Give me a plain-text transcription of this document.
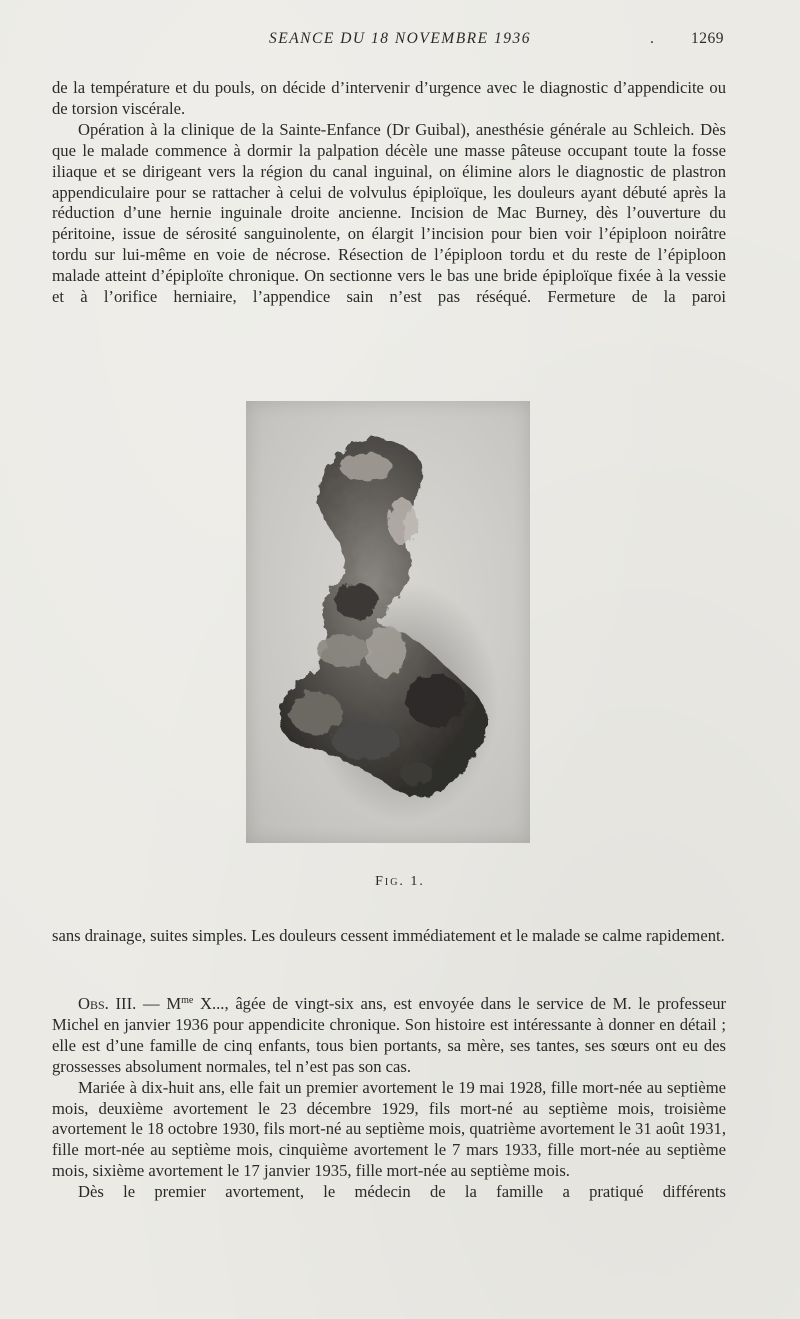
SEANCE DU 18 NOVEMBRE 1936	. 1269

de la température et du pouls, on décide d’intervenir d’urgence avec le diagnostic d’appendicite ou de torsion viscérale.

Opération à la clinique de la Sainte-Enfance (Dr Guibal), anesthésie générale au Schleich. Dès que le malade commence à dormir la palpation décèle une masse pâteuse occupant toute la fosse iliaque et se dirigeant vers la région du canal inguinal, on élimine alors le diagnostic de plastron appendiculaire pour se rattacher à celui de volvulus épiploïque, les douleurs ayant débuté après la réduction d’une hernie inguinale droite ancienne. Incision de Mac Burney, dès l’ouverture du péritoine, issue de sérosité sanguinolente, on élargit l’incision pour bien voir l’épiploon noirâtre tordu sur lui-même en voie de nécrose. Résection de l’épiploon tordu et du reste de l’épiploon malade atteint d’épiploïte chronique. On sectionne vers le bas une bride épiploïque fixée à la vessie et à l’orifice herniaire, l’appendice sain n’est pas réséqué. Fermeture de la paroi

Fig. 1.

sans drainage, suites simples. Les douleurs cessent immédiatement et le malade se calme rapidement.

Obs. III. — $M^{me}$ X..., âgée de vingt-six ans, est envoyée dans le service de M. le professeur Michel en janvier 1936 pour appendicite chronique. Son histoire est intéressante à donner en détail ; elle est d’une famille de cinq enfants, tous bien portants, sa mère, ses tantes, ses sœurs ont eu des grossesses absolument normales, tel n’est pas son cas.

Mariée à dix-huit ans, elle fait un premier avortement le 19 mai 1928, fille mort-née au septième mois, deuxième avortement le 23 décembre 1929, fils mort-né au septième mois, troisième avortement le 18 octobre 1930, fils mort-né au septième mois, quatrième avortement le 31 août 1931, fille mort-née au septième mois, cinquième avortement le 7 mars 1933, fille mort-née au septième mois, sixième avortement le 17 janvier 1935, fille mort-née au septième mois.

Dès le premier avortement, le médecin de la famille a pratiqué différents
